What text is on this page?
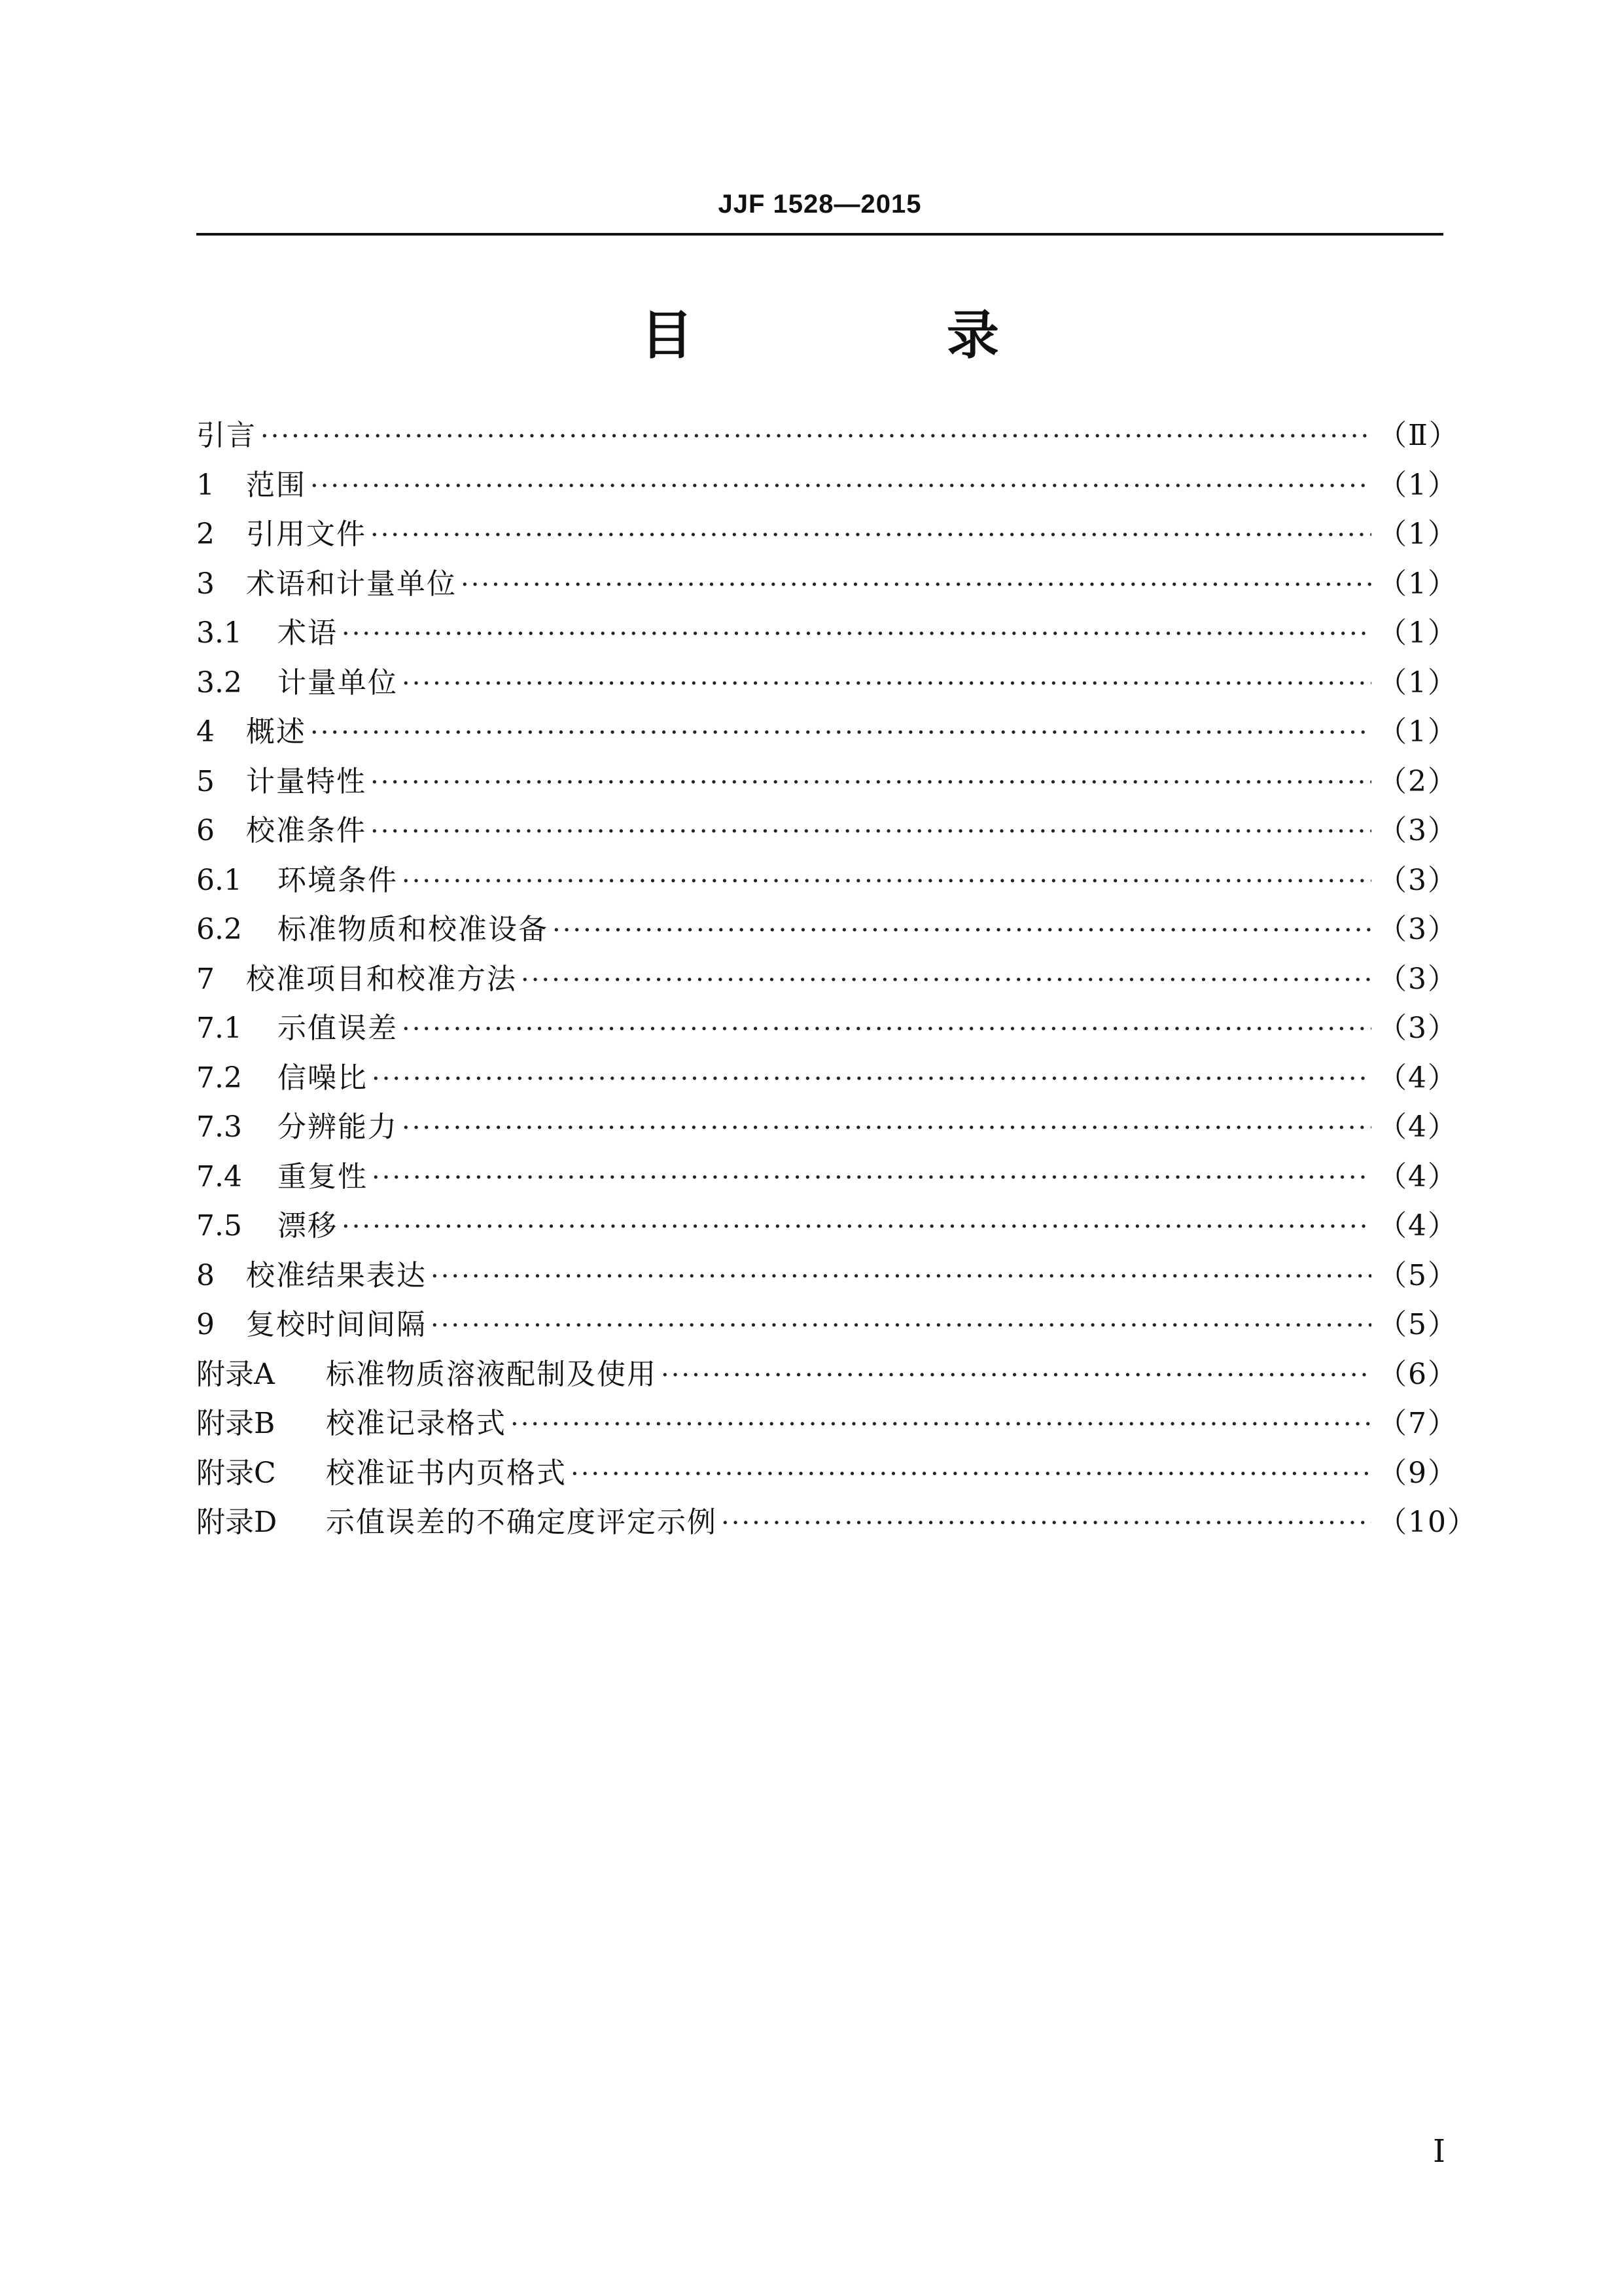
JJF 1528—2015
目 录
引言 ·····	（Ⅱ）
1	范围 ·····	（1）
2	引用文件 ·····	（1）
3	术语和计量单位 ·····	（1）
3.1	术语 ·····	（1）
3.2	计量单位 ·····	（1）
4	概述 ·····	（1）
5	计量特性 ·····	（2）
6	校准条件 ·····	（3）
6.1	环境条件 ·····	（3）
6.2	标准物质和校准设备 ·····	（3）
7	校准项目和校准方法 ·····	（3）
7.1	示值误差 ·····	（3）
7.2	信噪比 ·····	（4）
7.3	分辨能力 ·····	（4）
7.4	重复性 ·····	（4）
7.5	漂移 ·····	（4）
8	校准结果表达 ·····	（5）
9	复校时间间隔 ·····	（5）
附录A	标准物质溶液配制及使用 ·····	（6）
附录B	校准记录格式 ·····	（7）
附录C	校准证书内页格式 ·····	（9）
附录D	示值误差的不确定度评定示例 ·····	（10）
I
